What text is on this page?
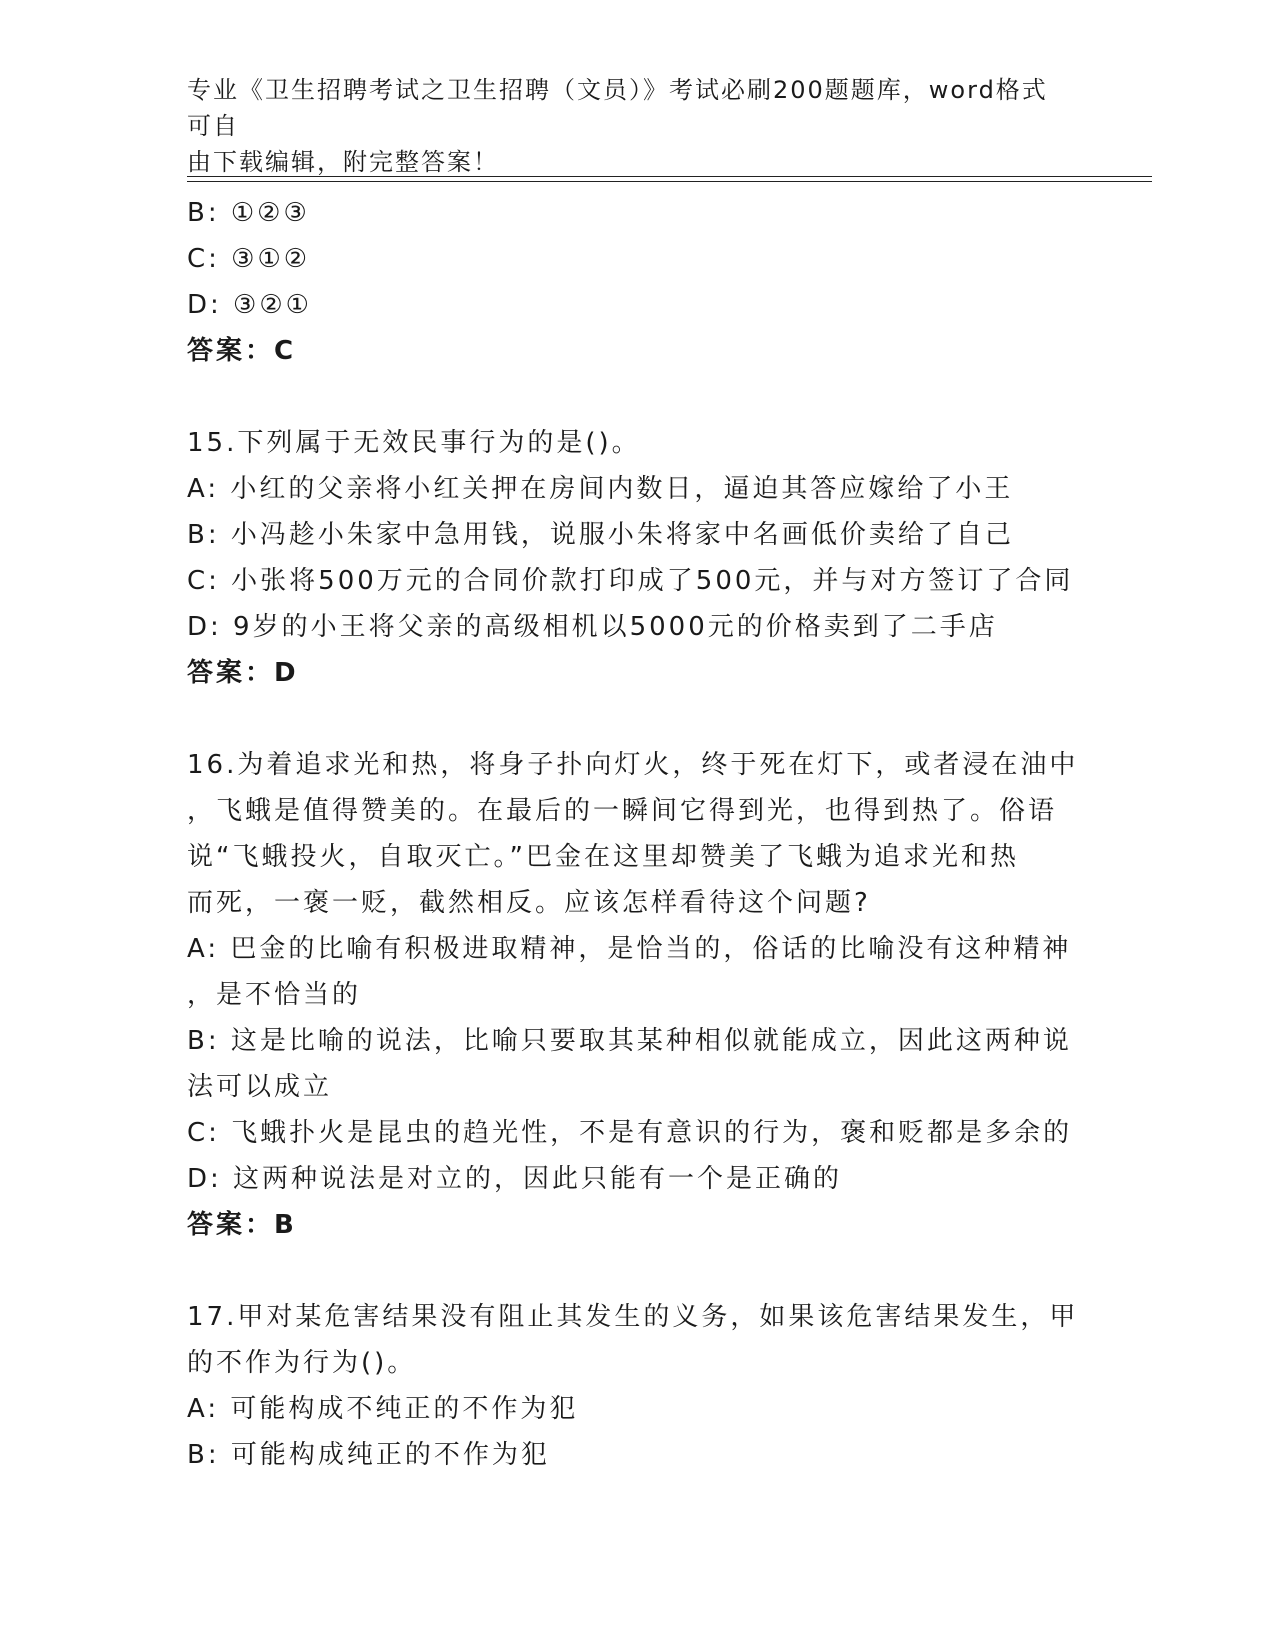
专业《卫生招聘考试之卫生招聘（文员）》考试必刷200题题库，word格式可自
由下载编辑，附完整答案！
B: ①②③
C: ③①②
D: ③②①
答案：C
15.下列属于无效民事行为的是()。
A: 小红的父亲将小红关押在房间内数日，逼迫其答应嫁给了小王
B: 小冯趁小朱家中急用钱，说服小朱将家中名画低价卖给了自己
C: 小张将500万元的合同价款打印成了500元，并与对方签订了合同
D: 9岁的小王将父亲的高级相机以5000元的价格卖到了二手店
答案：D
16.为着追求光和热，将身子扑向灯火，终于死在灯下，或者浸在油中
，飞蛾是值得赞美的。在最后的一瞬间它得到光，也得到热了。俗语
说“飞蛾投火，自取灭亡。”巴金在这里却赞美了飞蛾为追求光和热
而死，一褒一贬，截然相反。应该怎样看待这个问题?
A: 巴金的比喻有积极进取精神，是恰当的，俗话的比喻没有这种精神
，是不恰当的
B: 这是比喻的说法，比喻只要取其某种相似就能成立，因此这两种说
法可以成立
C: 飞蛾扑火是昆虫的趋光性，不是有意识的行为，褒和贬都是多余的
D: 这两种说法是对立的，因此只能有一个是正确的
答案：B
17.甲对某危害结果没有阻止其发生的义务，如果该危害结果发生，甲
的不作为行为()。
A: 可能构成不纯正的不作为犯
B: 可能构成纯正的不作为犯
